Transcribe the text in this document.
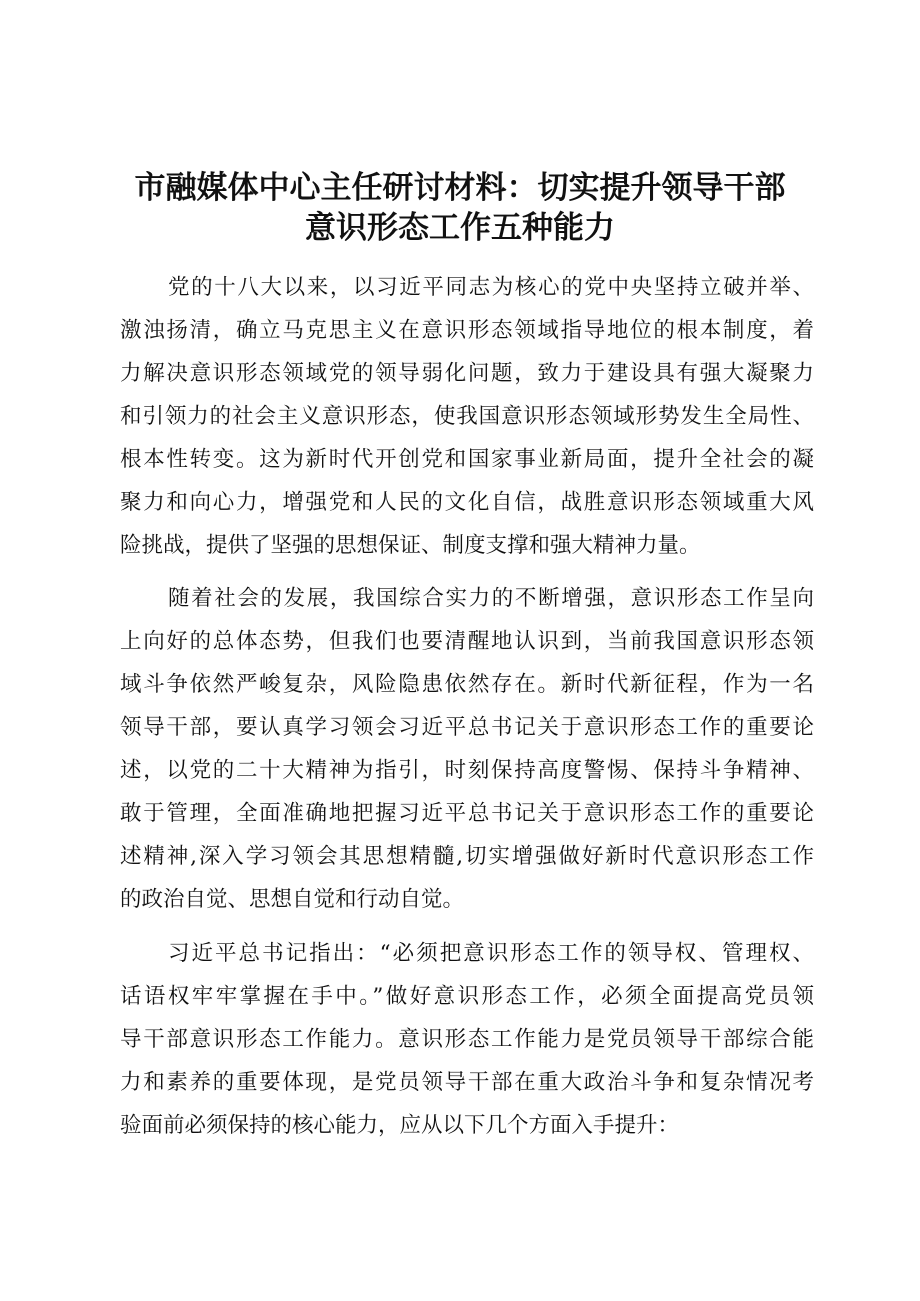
市融媒体中心主任研讨材料：切实提升领导干部
意识形态工作五种能力
党的十八大以来，以习近平同志为核心的党中央坚持立破并举、
激浊扬清，确立马克思主义在意识形态领域指导地位的根本制度，着
力解决意识形态领域党的领导弱化问题，致力于建设具有强大凝聚力
和引领力的社会主义意识形态，使我国意识形态领域形势发生全局性、
根本性转变。这为新时代开创党和国家事业新局面，提升全社会的凝
聚力和向心力，增强党和人民的文化自信，战胜意识形态领域重大风
险挑战，提供了坚强的思想保证、制度支撑和强大精神力量。
随着社会的发展，我国综合实力的不断增强，意识形态工作呈向
上向好的总体态势，但我们也要清醒地认识到，当前我国意识形态领
域斗争依然严峻复杂，风险隐患依然存在。新时代新征程，作为一名
领导干部，要认真学习领会习近平总书记关于意识形态工作的重要论
述，以党的二十大精神为指引，时刻保持高度警惕、保持斗争精神、
敢于管理，全面准确地把握习近平总书记关于意识形态工作的重要论
述精神,深入学习领会其思想精髓,切实增强做好新时代意识形态工作
的政治自觉、思想自觉和行动自觉。
习近平总书记指出：“必须把意识形态工作的领导权、管理权、
话语权牢牢掌握在手中。”做好意识形态工作，必须全面提高党员领
导干部意识形态工作能力。意识形态工作能力是党员领导干部综合能
力和素养的重要体现，是党员领导干部在重大政治斗争和复杂情况考
验面前必须保持的核心能力，应从以下几个方面入手提升：
